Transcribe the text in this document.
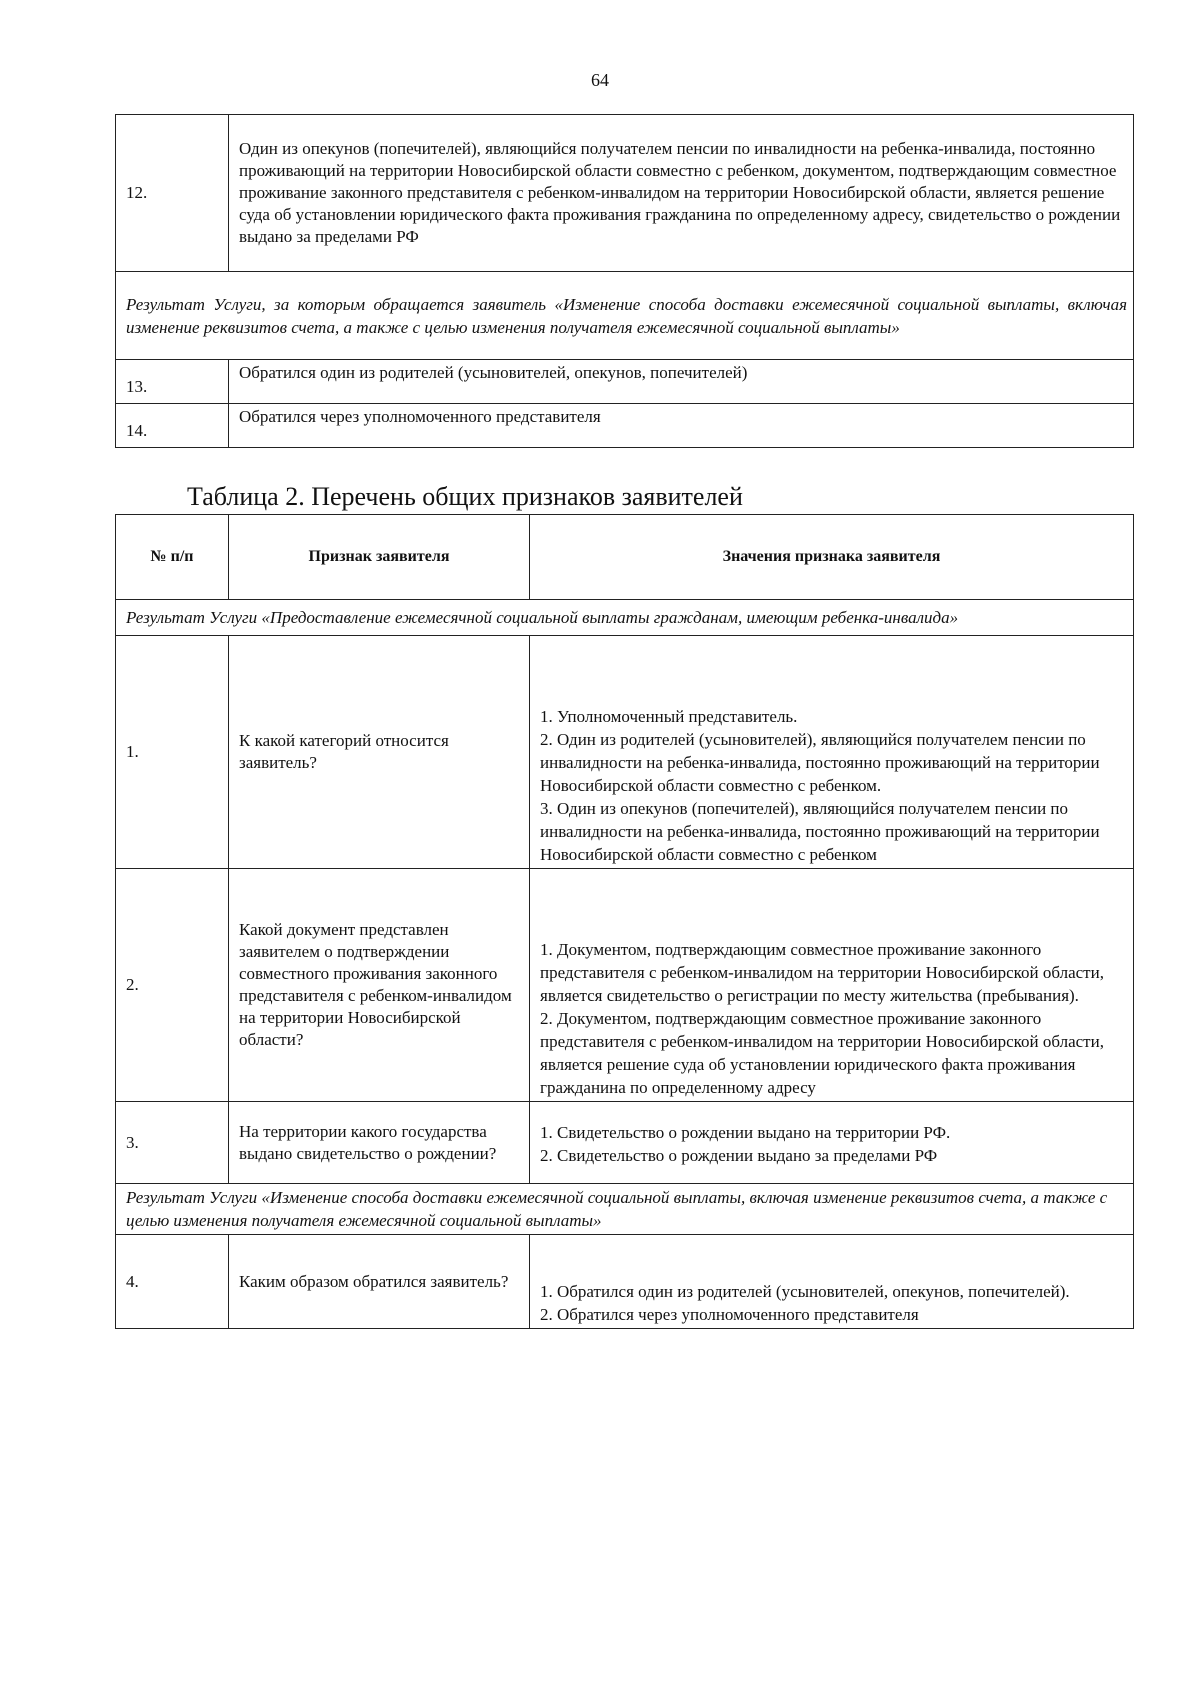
64
12.	Один из опекунов (попечителей), являющийся получателем пенсии по инвалидности на ребенка-инвалида, постоянно проживающий на территории Новосибирской области совместно с ребенком, документом, подтверждающим совместное проживание законного представителя с ребенком-инвалидом на территории Новосибирской области, является решение суда об установлении юридического факта проживания гражданина по определенному адресу, свидетельство о рождении выдано за пределами РФ
Результат Услуги, за которым обращается заявитель «Изменение способа доставки ежемесячной социальной выплаты, включая изменение реквизитов счета, а также с целью изменения получателя ежемесячной социальной выплаты»	
13.	Обратился один из родителей (усыновителей, опекунов, попечителей)
14.	Обратился через уполномоченного представителя
Таблица 2. Перечень общих признаков заявителей
№ п/п	Признак заявителя	Значения признака заявителя
Результат Услуги «Предоставление ежемесячной социальной выплаты гражданам, имеющим ребенка-инвалида»		
1.	К какой категорий относится заявитель?	1. Уполномоченный представитель.
2. Один из родителей (усыновителей), являющийся получателем пенсии по инвалидности на ребенка-инвалида, постоянно проживающий на территории Новосибирской области совместно с ребенком.
3. Один из опекунов (попечителей), являющийся получателем пенсии по инвалидности на ребенка-инвалида, постоянно проживающий на территории Новосибирской области совместно с ребенком

2.	Какой документ представлен заявителем о подтверждении совместного проживания законного представителя с ребенком-инвалидом на территории Новосибирской области?	1. Документом, подтверждающим совместное проживание законного представителя с ребенком-инвалидом на территории Новосибирской области, является свидетельство о регистрации по месту жительства (пребывания).
2. Документом, подтверждающим совместное проживание законного представителя с ребенком-инвалидом на территории Новосибирской области, является решение суда об установлении юридического факта проживания гражданина по определенному адресу

3.	На территории какого государства выдано свидетельство о рождении?	1. Свидетельство о рождении выдано на территории РФ.
2. Свидетельство о рождении выдано за пределами РФ

Результат Услуги «Изменение способа доставки ежемесячной социальной выплаты, включая изменение реквизитов счета, а также с целью изменения получателя ежемесячной социальной выплаты»		
4.	Каким образом обратился заявитель?	1. Обратился один из родителей (усыновителей, опекунов, попечителей).
2. Обратился через уполномоченного представителя
